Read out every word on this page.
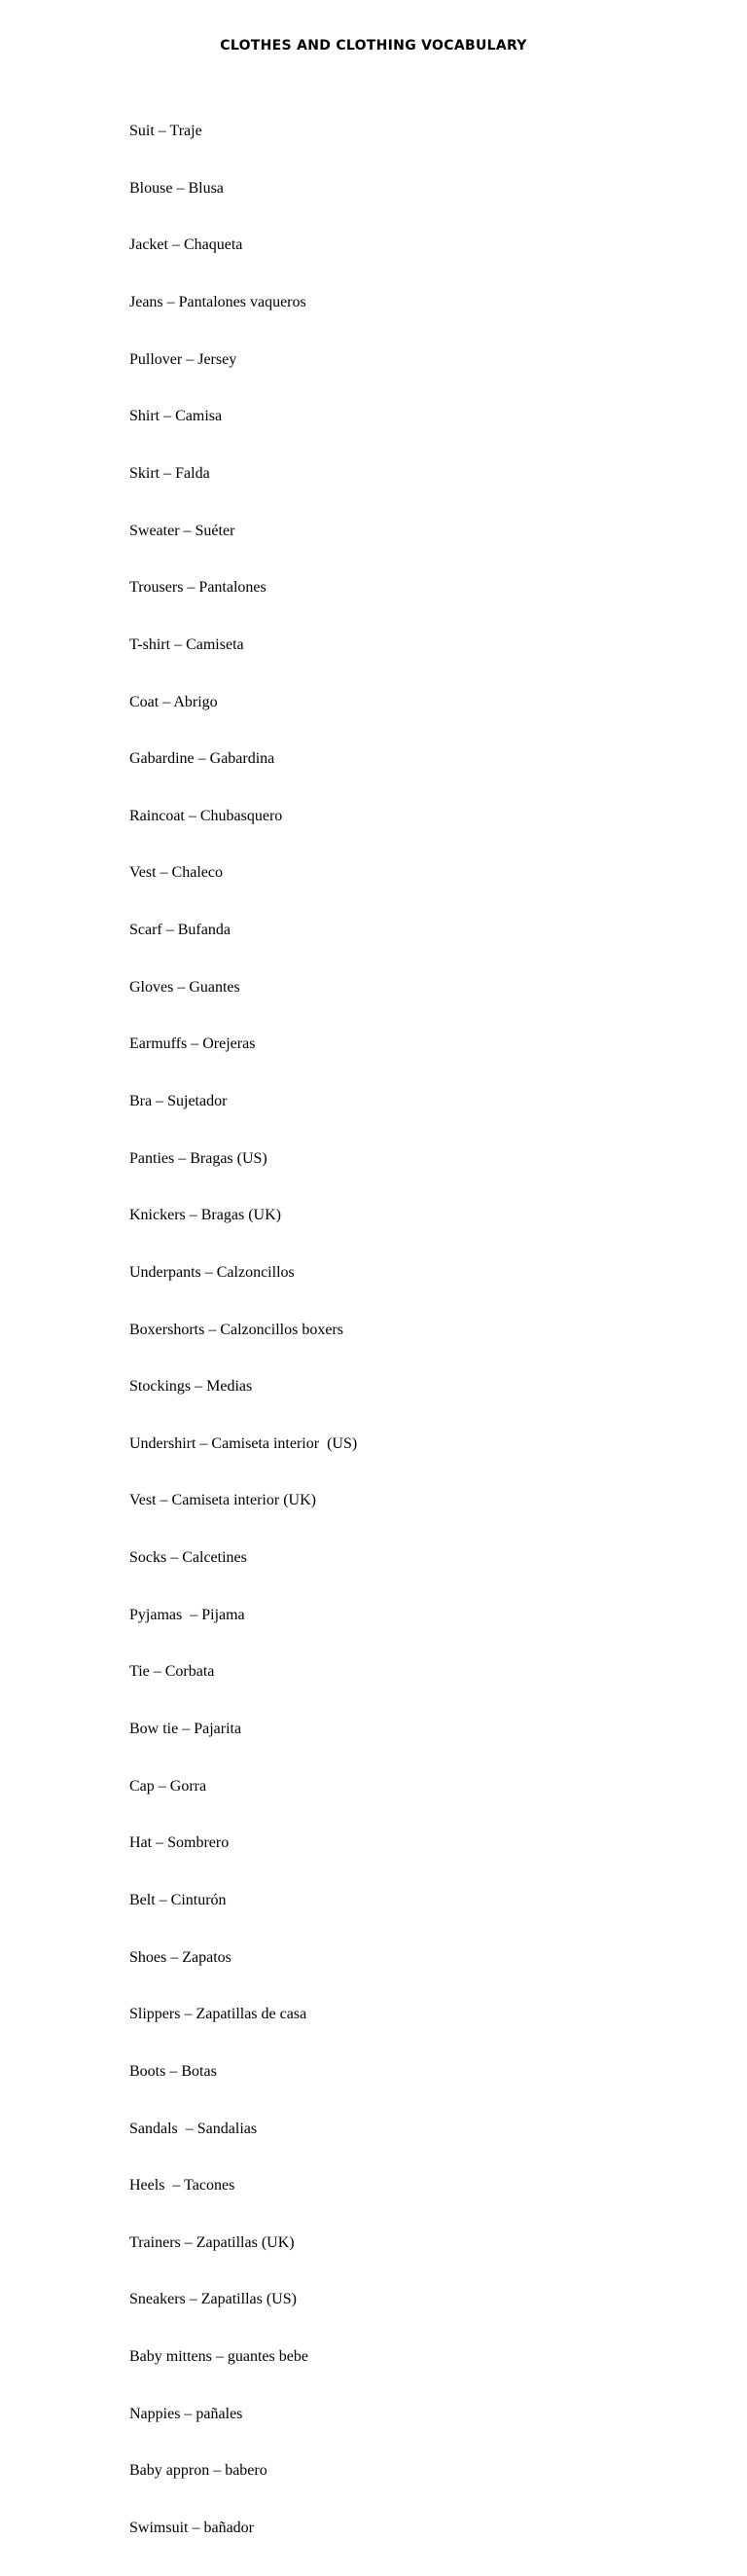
CLOTHES AND CLOTHING VOCABULARY

Suit – Traje

Blouse – Blusa

Jacket – Chaqueta

Jeans – Pantalones vaqueros

Pullover – Jersey

Shirt – Camisa

Skirt – Falda

Sweater – Suéter

Trousers – Pantalones

T-shirt – Camiseta

Coat – Abrigo

Gabardine – Gabardina

Raincoat – Chubasquero

Vest – Chaleco

Scarf – Bufanda

Gloves – Guantes

Earmuffs – Orejeras

Bra – Sujetador

Panties – Bragas (US)

Knickers – Bragas (UK)

Underpants – Calzoncillos

Boxershorts – Calzoncillos boxers

Stockings – Medias

Undershirt – Camiseta interior  (US)

Vest – Camiseta interior (UK)

Socks – Calcetines

Pyjamas  – Pijama

Tie – Corbata

Bow tie – Pajarita

Cap – Gorra

Hat – Sombrero

Belt – Cinturón

Shoes – Zapatos

Slippers – Zapatillas de casa

Boots – Botas

Sandals  – Sandalias

Heels  – Tacones

Trainers – Zapatillas (UK)

Sneakers – Zapatillas (US)

Baby mittens – guantes bebe

Nappies – pañales

Baby appron – babero

Swimsuit – bañador
